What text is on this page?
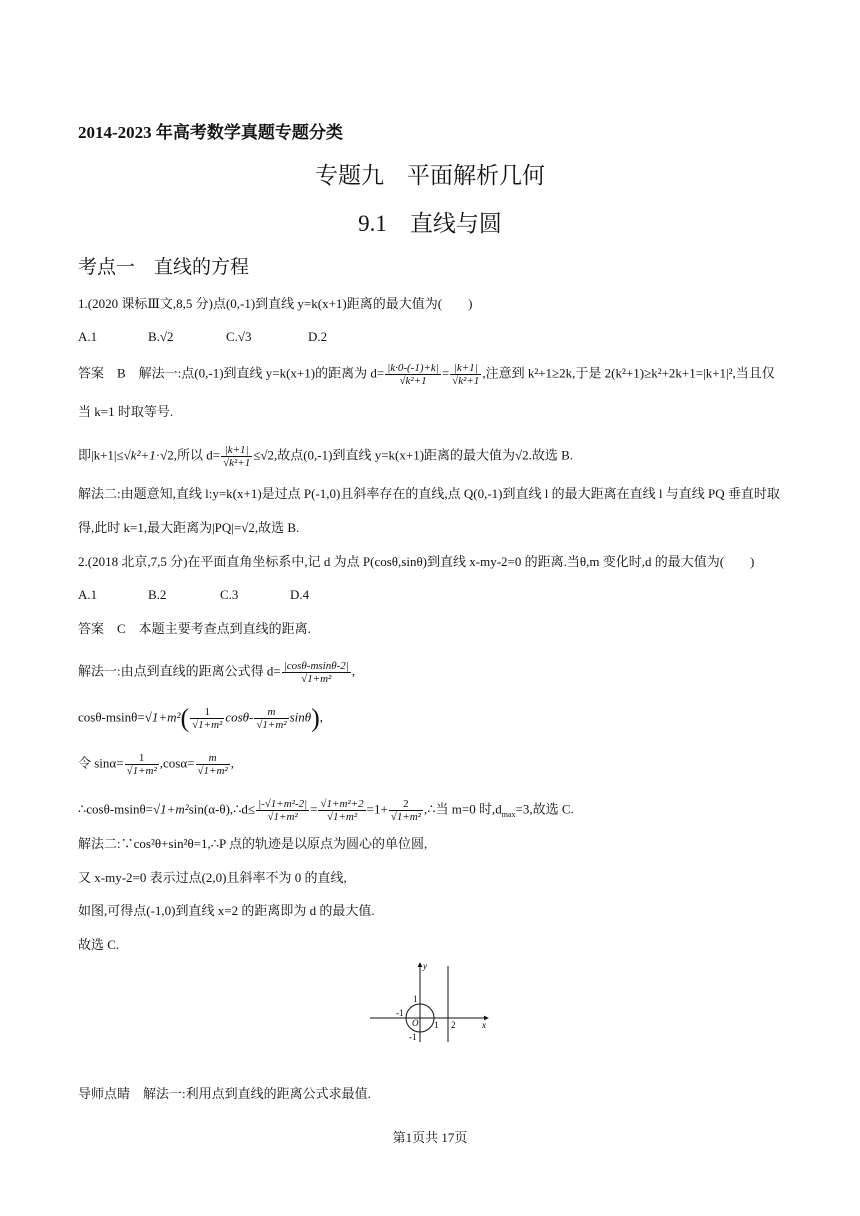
2014-2023 年高考数学真题专题分类
专题九　平面解析几何
9.1　直线与圆
考点一　直线的方程
1.(2020 课标Ⅲ文,8,5 分)点(0,-1)到直线 y=k(x+1)距离的最大值为(　　)
A.1	B.√2	C.√3	D.2
答案　B　解法一:点(0,-1)到直线 y=k(x+1)的距离为 $d= \frac{|k\cdot 0-(-1)+k|}{\text{√k²+1}} = \frac{|k+1|}{\text{√k²+1}}$ ,注意到 k²+1≥2k,于是 2(k²+1)≥k²+2k+1=|k+1|²,当且仅
当 k=1 时取等号.
即|k+1|≤√k²+1·√2,所以 $d= \frac{|k+1|}{\text{√k²+1}} \le√2$,故点(0,-1)到直线 y=k(x+1)距离的最大值为√2.故选 B.
解法二:由题意知,直线 l:y=k(x+1)是过点 P(-1,0)且斜率存在的直线,点 Q(0,-1)到直线 l 的最大距离在直线 l 与直线 PQ 垂直时取
得,此时 k=1,最大距离为|PQ|=√2,故选 B.
2.(2018 北京,7,5 分)在平面直角坐标系中,记 d 为点 P(cosθ,sinθ)到直线 x-my-2=0 的距离.当θ,m 变化时,d 的最大值为(　　)
A.1	B.2	C.3	D.4
答案　C　本题主要考查点到直线的距离.
解法一:由点到直线的距离公式得 $d= \frac{|\cos\theta-msin\theta-2|}{\text{√1+m²}}$ ,
$\cos\theta-msin\theta=√1+m^2( \frac{1}{\text{√1+m²}} \cos\theta- \frac{m}{\text{√1+m²}} \sin\theta)$,
令 $\sin\alpha= \frac{1}{\text{√1+m²}} ,\cos\alpha= \frac{m}{\text{√1+m²}}$ ,
∴cosθ-msinθ=√1+m²sin(α-θ),∴d≤ $\frac{\text{|-√1+m²-2|}}{\text{√1+m²}} = \frac{\text{√1+m²+2}}{\text{√1+m²}} =1+ \frac{2}{\text{√1+m²}}$ ,∴当 m=0 时$,d_{max}=3$,故选 C.
解法二:∵cos²θ+sin²θ=1,∴P 点的轨迹是以原点为圆心的单位圆,
又 x-my-2=0 表示过点(2,0)且斜率不为 0 的直线,
如图,可得点(-1,0)到直线 x=2 的距离即为 d 的最大值.
故选 C.
y
x
1
-1
O 1 2
-1
导师点睛　解法一:利用点到直线的距离公式求最值.
第1页共 17页
